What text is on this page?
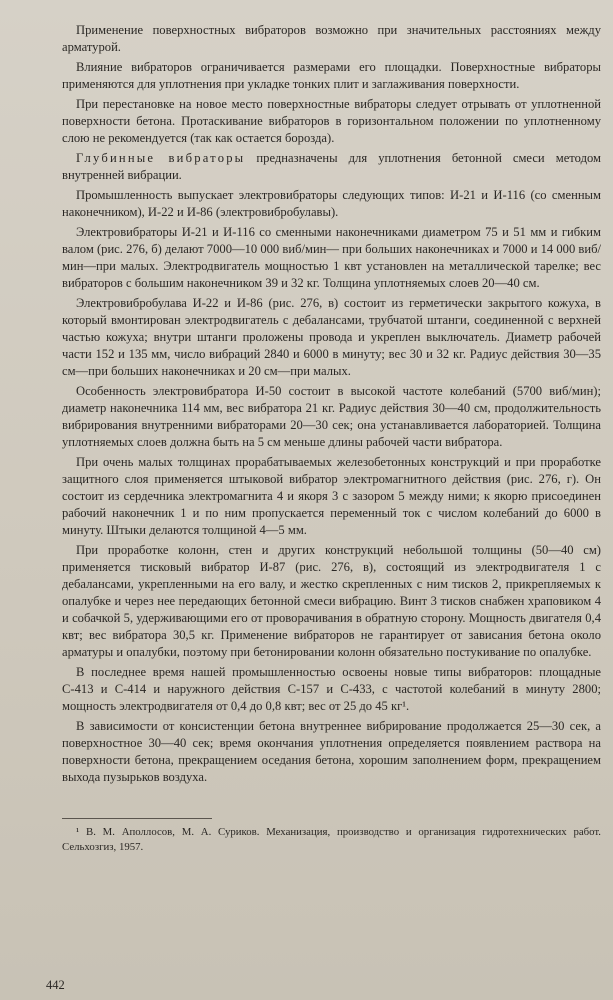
Применение поверхностных вибраторов возможно при значительных расстояниях между арматурой.

Влияние вибраторов ограничивается размерами его площадки. Поверхностные вибраторы применяются для уплотнения при укладке тонких плит и заглаживания поверхности.

При перестановке на новое место поверхностные вибраторы следует отрывать от уплотненной поверхности бетона. Протаскивание вибраторов в горизонтальном положении по уплотненному слою не рекомендуется (так как остается борозда).

Глубинные вибраторы предназначены для уплотнения бетонной смеси методом внутренней вибрации.

Промышленность выпускает электровибраторы следующих типов: И-21 и И-116 (со сменным наконечником), И-22 и И-86 (электровибробулавы).

Электровибраторы И-21 и И-116 со сменными наконечниками диаметром 75 и 51 мм и гибким валом (рис. 276, б) делают 7000—10 000 виб/мин— при больших наконечниках и 7000 и 14 000 виб/мин—при малых. Электродвигатель мощностью 1 квт установлен на металлической тарелке; вес вибраторов с большим наконечником 39 и 32 кг. Толщина уплотняемых слоев 20—40 см.

Электровибробулава И-22 и И-86 (рис. 276, в) состоит из герметически закрытого кожуха, в который вмонтирован электродвигатель с дебалансами, трубчатой штанги, соединенной с верхней частью кожуха; внутри штанги проложены провода и укреплен выключатель. Диаметр рабочей части 152 и 135 мм, число вибраций 2840 и 6000 в минуту; вес 30 и 32 кг. Радиус действия 30—35 см—при больших наконечниках и 20 см—при малых.

Особенность электровибратора И-50 состоит в высокой частоте колебаний (5700 виб/мин); диаметр наконечника 114 мм, вес вибратора 21 кг. Радиус действия 30—40 см, продолжительность вибрирования внутренними вибраторами 20—30 сек; она устанавливается лабораторией. Толщина уплотняемых слоев должна быть на 5 см меньше длины рабочей части вибратора.

При очень малых толщинах прорабатываемых железобетонных конструкций и при проработке защитного слоя применяется штыковой вибратор электромагнитного действия (рис. 276, г). Он состоит из сердечника электромагнита 4 и якоря 3 с зазором 5 между ними; к якорю присоединен рабочий наконечник 1 и по ним пропускается переменный ток с числом колебаний до 6000 в минуту. Штыки делаются толщиной 4—5 мм.

При проработке колонн, стен и других конструкций небольшой толщины (50—40 см) применяется тисковый вибратор И-87 (рис. 276, в), состоящий из электродвигателя 1 с дебалансами, укрепленными на его валу, и жестко скрепленных с ним тисков 2, прикрепляемых к опалубке и через нее передающих бетонной смеси вибрацию. Винт 3 тисков снабжен храповиком 4 и собачкой 5, удерживающими его от проворачивания в обратную сторону. Мощность двигателя 0,4 квт; вес вибратора 30,5 кг. Применение вибраторов не гарантирует от зависания бетона около арматуры и опалубки, поэтому при бетонировании колонн обязательно постукивание по опалубке.

В последнее время нашей промышленностью освоены новые типы вибраторов: площадные С-413 и С-414 и наружного действия С-157 и С-433, с частотой колебаний в минуту 2800; мощность электродвигателя от 0,4 до 0,8 квт; вес от 25 до 45 кг¹.

В зависимости от консистенции бетона внутреннее вибрирование продолжается 25—30 сек, а поверхностное 30—40 сек; время окончания уплотнения определяется появлением раствора на поверхности бетона, прекращением оседания бетона, хорошим заполнением форм, прекращением выхода пузырьков воздуха.

¹ В. М. Аполлосов, М. А. Суриков. Механизация, производство и организация гидротехнических работ. Сельхозгиз, 1957.
442
